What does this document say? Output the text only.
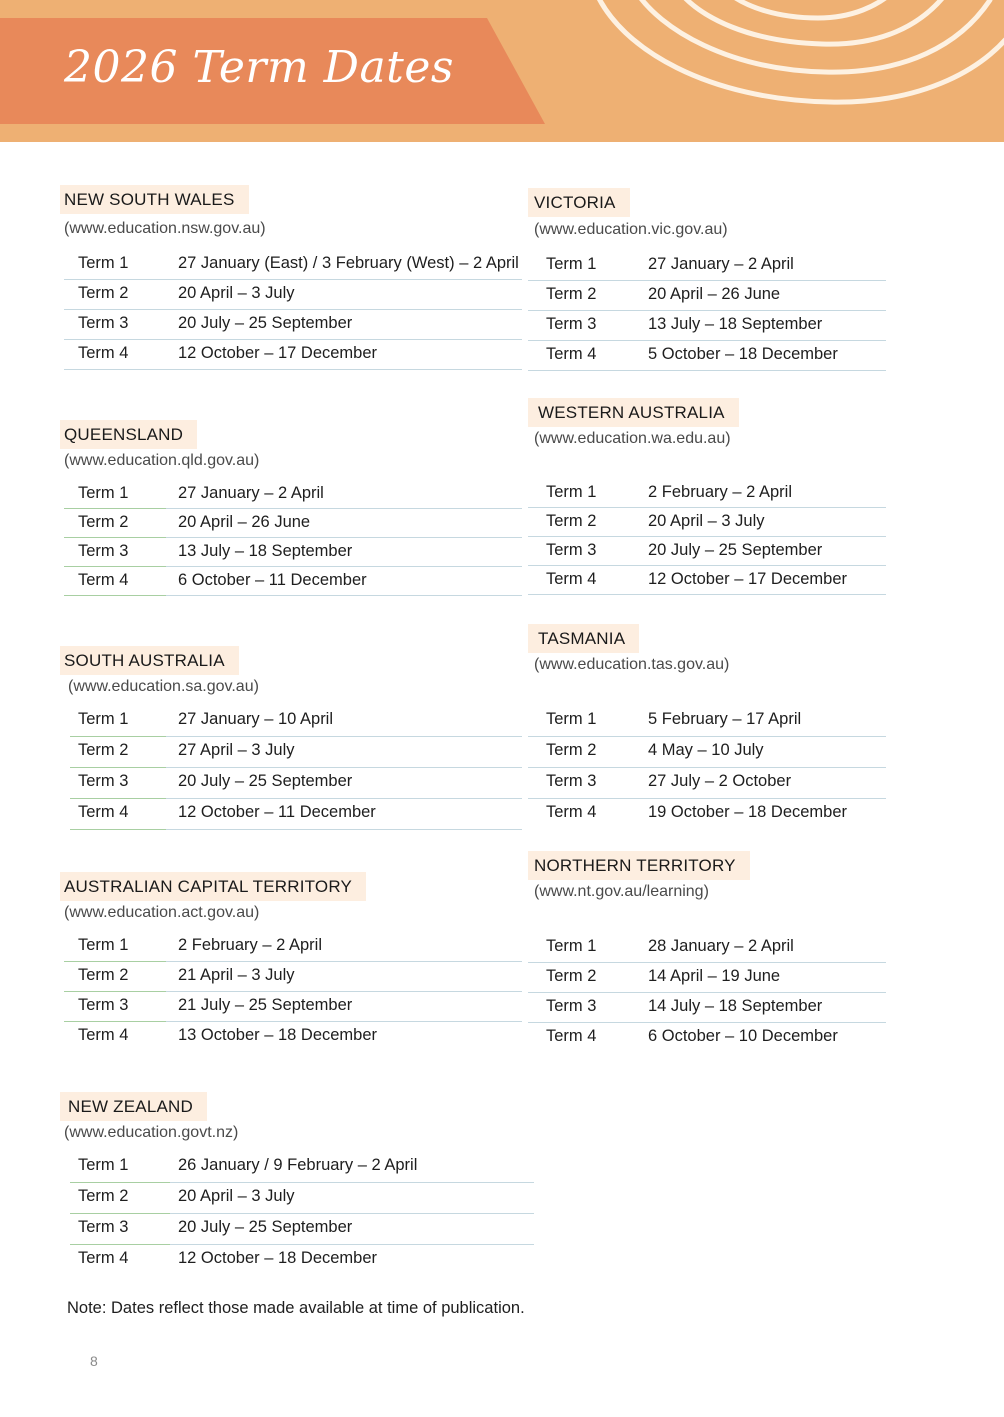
2026 Term Dates
NEW SOUTH WALES
(www.education.nsw.gov.au)
Term 1	27 January (East) / 3 February (West) – 2 April
Term 2	20 April – 3 July
Term 3	20 July – 25 September
Term 4	12 October – 17 December
VICTORIA
(www.education.vic.gov.au)
Term 1	27 January – 2 April
Term 2	20 April – 26 June
Term 3	13 July – 18 September
Term 4	5 October – 18 December
QUEENSLAND
(www.education.qld.gov.au)
Term 1	27 January – 2 April
Term 2	20 April – 26 June
Term 3	13 July – 18 September
Term 4	6 October – 11 December
WESTERN AUSTRALIA
(www.education.wa.edu.au)
Term 1	2 February – 2 April
Term 2	20 April – 3 July
Term 3	20 July – 25 September
Term 4	12 October – 17 December
SOUTH AUSTRALIA
(www.education.sa.gov.au)
Term 1	27 January – 10 April
Term 2	27 April – 3 July
Term 3	20 July – 25 September
Term 4	12 October – 11 December
TASMANIA
(www.education.tas.gov.au)
Term 1	5 February – 17 April
Term 2	4 May – 10 July
Term 3	27 July – 2 October
Term 4	19 October – 18 December
AUSTRALIAN CAPITAL TERRITORY
(www.education.act.gov.au)
Term 1	2 February – 2 April
Term 2	21 April – 3 July
Term 3	21 July – 25 September
Term 4	13 October – 18 December
NORTHERN TERRITORY
(www.nt.gov.au/learning)
Term 1	28 January – 2 April
Term 2	14 April – 19 June
Term 3	14 July – 18 September
Term 4	6 October – 10 December
NEW ZEALAND
(www.education.govt.nz)
Term 1	26 January / 9 February – 2 April
Term 2	20 April – 3 July
Term 3	20 July – 25 September
Term 4	12 October – 18 December
Note: Dates reflect those made available at time of publication.
8
